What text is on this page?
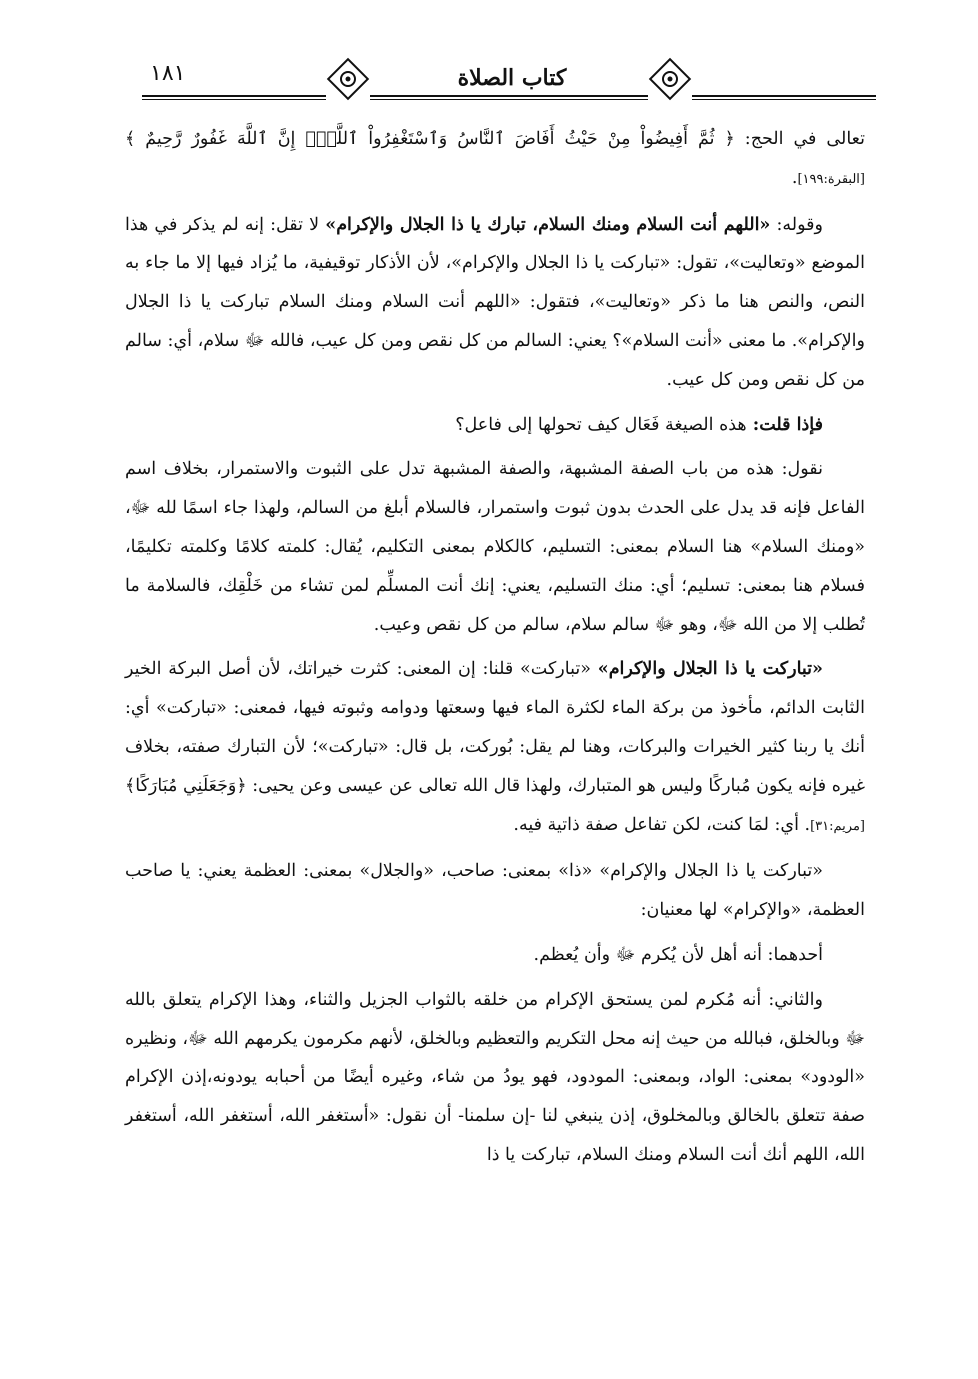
١٨١	كتاب الصلاة

تعالى في الحج: ﴿ ثُمَّ أَفِيضُواْ مِنْ حَيْثُ أَفَاضَ ٱلنَّاسُ وَٱسْتَغْفِرُواْ ٱللَّهَۚ إِنَّ ٱللَّهَ غَفُورٌ رَّحِيمٌ ﴾ [البقرة:١٩٩].

وقوله: «اللهم أنت السلام ومنك السلام، تبارك يا ذا الجلال والإكرام» لا تقل: إنه لم يذكر في هذا الموضع «وتعاليت»، تقول: «تباركت يا ذا الجلال والإكرام»، لأن الأذكار توقيفية، ما يُزاد فيها إلا ما جاء به النص، والنص هنا ما ذكر «وتعاليت»، فتقول: «اللهم أنت السلام ومنك السلام تباركت يا ذا الجلال والإكرام». ما معنى «أنت السلام»؟ يعني: السالم من كل نقص ومن كل عيب، فالله ﷻ سلام، أي: سالم من كل نقص ومن كل عيب.

فإذا قلت: هذه الصيغة فَعَال كيف تحولها إلى فاعل؟

نقول: هذه من باب الصفة المشبهة، والصفة المشبهة تدل على الثبوت والاستمرار، بخلاف اسم الفاعل فإنه قد يدل على الحدث بدون ثبوت واستمرار، فالسلام أبلغ من السالم، ولهذا جاء اسمًا لله ﷻ، «ومنك السلام» هنا السلام بمعنى: التسليم، كالكلام بمعنى التكليم، يُقال: كلمته كلامًا وكلمته تكليمًا، فسلام هنا بمعنى: تسليم؛ أي: منك التسليم، يعني: إنك أنت المسلِّم لمن تشاء من خَلْقِك، فالسلامة ما تُطلب إلا من الله ﷻ، وهو ﷻ سالم سلام، سالم من كل نقص وعيب.

«تباركت يا ذا الجلال والإكرام» «تباركت» قلنا: إن المعنى: كثرت خيراتك، لأن أصل البركة الخير الثابت الدائم، مأخوذ من بركة الماء لكثرة الماء فيها وسعتها ودوامه وثبوته فيها، فمعنى: «تباركت» أي: أنك يا ربنا كثير الخيرات والبركات، وهنا لم يقل: بُوركت، بل قال: «تباركت»؛ لأن التبارك صفته، بخلاف غيره فإنه يكون مُباركًا وليس هو المتبارك، ولهذا قال الله تعالى عن عيسى وعن يحيى: ﴿وَجَعَلَنِي مُبَارَكًا﴾ [مريم:٣١]. أي: لمَا كنت، لكن تفاعل صفة ذاتية فيه.

«تباركت يا ذا الجلال والإكرام» «ذا» بمعنى: صاحب، «والجلال» بمعنى: العظمة يعني: يا صاحب العظمة، «والإكرام» لها معنيان:

أحدهما: أنه أهل لأن يُكرم ﷻ وأن يُعظم.

والثاني: أنه مُكرم لمن يستحق الإكرام من خلقه بالثواب الجزيل والثناء، وهذا الإكرام يتعلق بالله ﷻ وبالخلق، فبالله من حيث إنه محل التكريم والتعظيم وبالخلق، لأنهم مكرمون يكرمهم الله ﷻ، ونظيره «الودود» بمعنى: الواد، وبمعنى: المودود، فهو يودُ من شاء، وغيره أيضًا من أحبابه يودونه،إذن الإكرام صفة تتعلق بالخالق وبالمخلوق، إذن ينبغي لنا -إن سلمنا- أن نقول: «أستغفر الله، أستغفر الله، أستغفر الله، اللهم أنك أنت السلام ومنك السلام، تباركت يا ذا
